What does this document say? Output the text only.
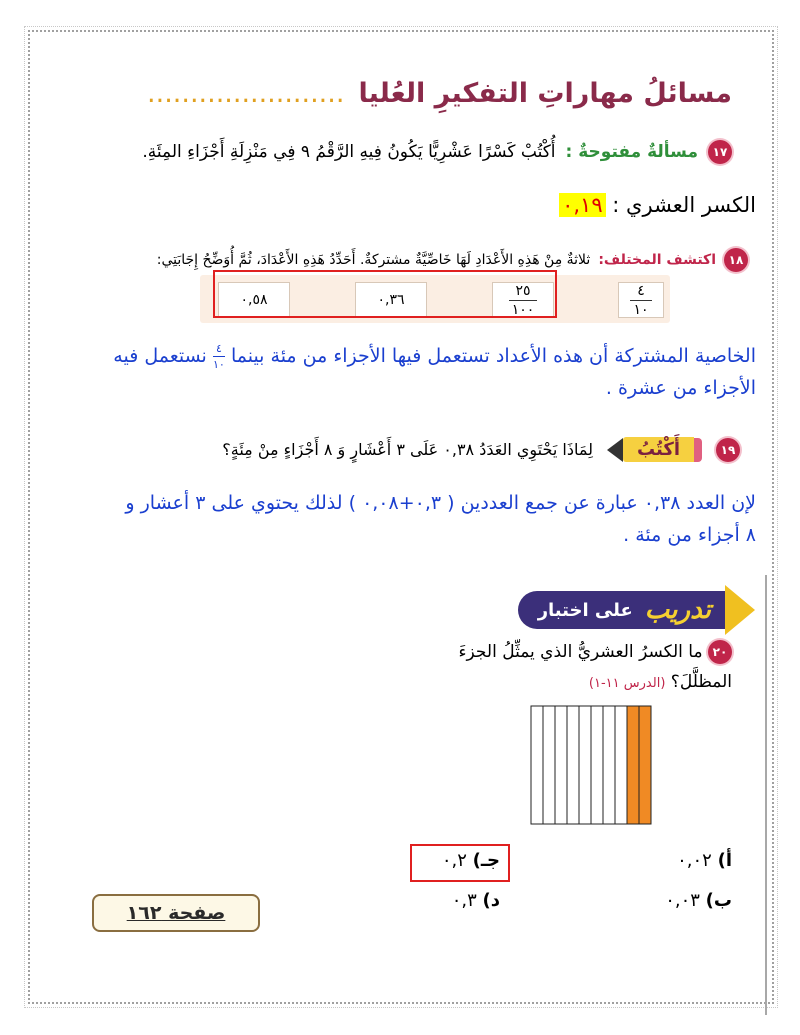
مسائلُ مهاراتِ التفكيرِ العُليا.......................
١٧
مسألةٌ مفتوحةٌ :
أُكْتُبْ كَسْرًا عَشْرِيًّا يَكُونُ فِيهِ الرَّقْمُ ٩ فِي مَنْزِلَةِ أَجْزَاءِ المِئَةِ.
الكسر العشري : ٠,١٩
١٨
اكتشف المختلف:
ثلاثةٌ مِنْ هَذِهِ الأَعْدَادِ لَهَا خَاصِّيَّةٌ مشتركةٌ. أَحَدِّدُ هَذِهِ الأَعْدَادَ، ثُمَّ أُوَضِّحُ إِجَابَتِي:
٠,٥٨	٠,٣٦	$\frac{٢٥}{١٠٠}$	$\frac{٤}{١٠}$
الخاصية المشتركة أن هذه الأعداد تستعمل فيها الأجزاء من مئة بينما
$\frac{٤}{١٠}$
نستعمل فيه
الأجزاء من عشرة .
١٩
أَكْتُبُ
لِمَاذَا يَحْتَوِي العَدَدُ ٠,٣٨ عَلَى ٣ أَعْشَارٍ وَ ٨ أَجْزَاءٍ مِنْ مِئَةٍ؟
لإن العدد ٠,٣٨ عبارة عن جمع العددين ( ٠,٣+٠,٠٨ ) لذلك يحتوي على ٣ أعشار و
٨ أجزاء من مئة .
تدريب
على اختبار
٢٠ ما الكسرُ العشريُّ الذي يمثِّلُ الجزءَ
المظلَّلَ؟ (الدرس ١١-١)
أ) ٠,٠٢
ب) ٠,٠٣
جـ) ٠,٢
د) ٠,٣
صفحة ١٦٢
